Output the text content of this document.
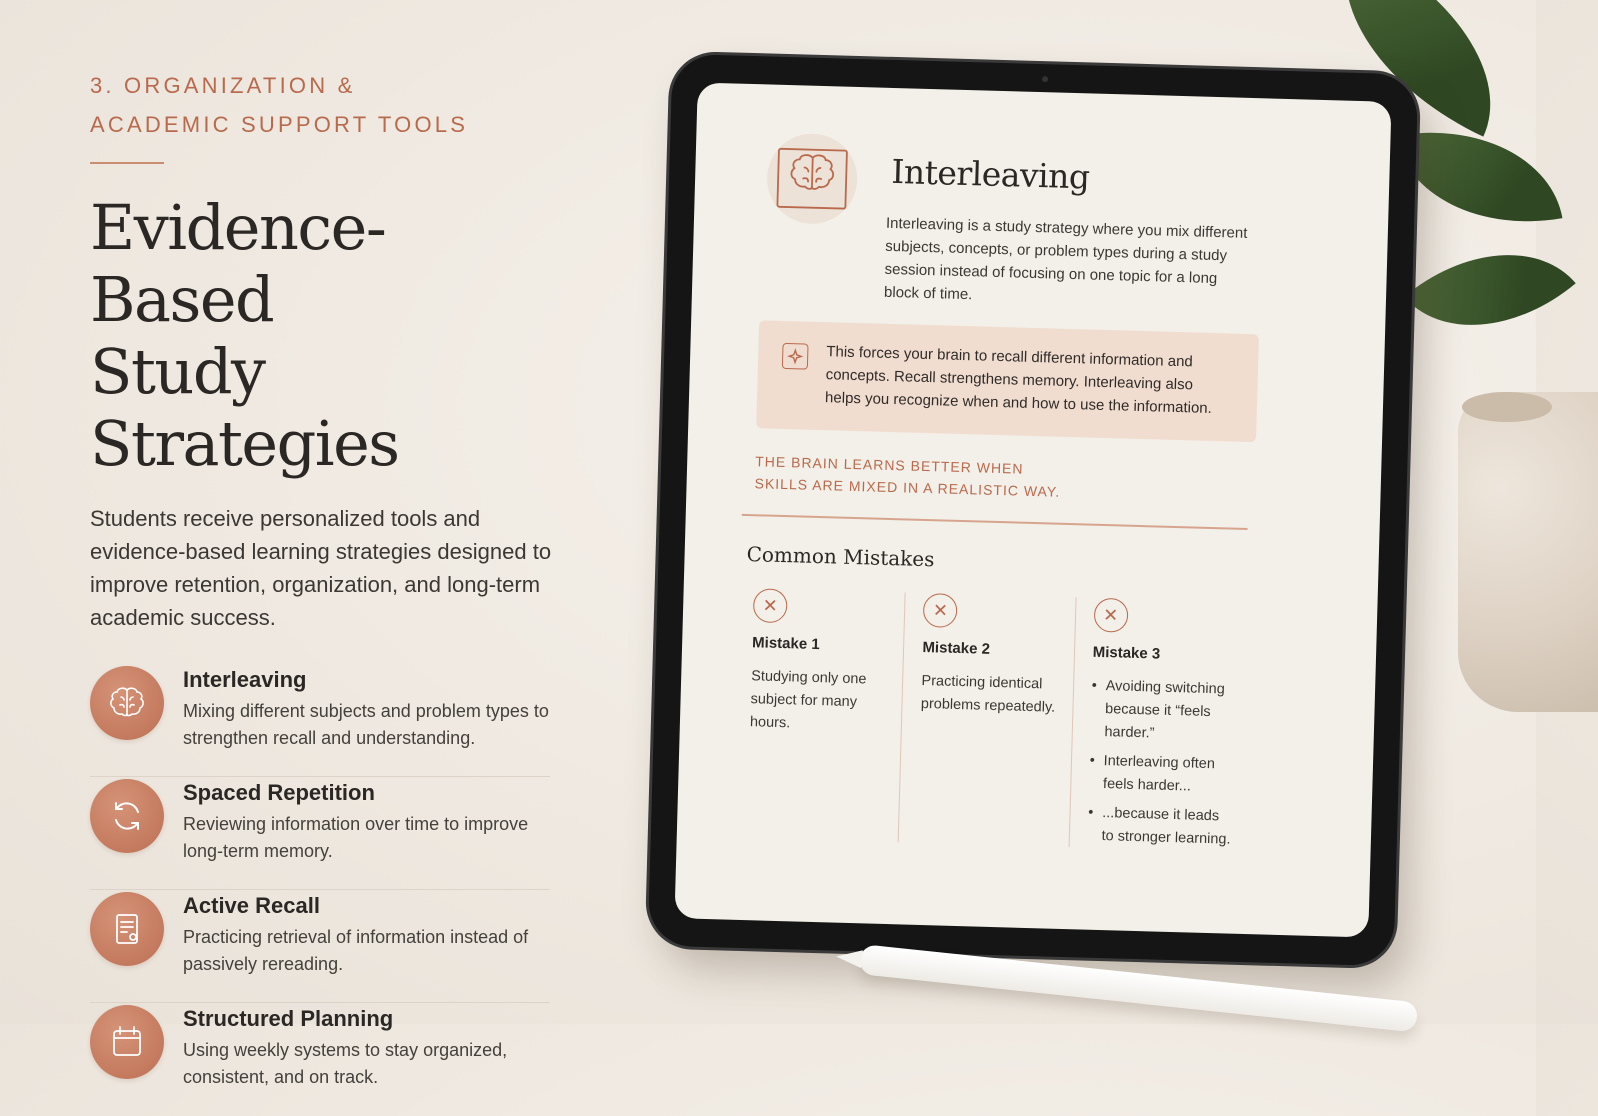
3. ORGANIZATION &
ACADEMIC SUPPORT TOOLS
Evidence-Based
Study Strategies

Students receive personalized tools and evidence-based learning strategies designed to improve retention, organization, and long-term academic success.

Interleaving
Mixing different subjects and problem types to strengthen recall and understanding.
Spaced Repetition
Reviewing information over time to improve long-term memory.
Active Recall
Practicing retrieval of information instead of passively rereading.
Structured Planning
Using weekly systems to stay organized, consistent, and on track.
Interleaving
Interleaving is a study strategy where you mix different subjects, concepts, or problem types during a study session instead of focusing on one topic for a long block of time.
This forces your brain to recall different information and concepts. Recall strengthens memory. Interleaving also helps you recognize when and how to use the information.
THE BRAIN LEARNS BETTER WHEN SKILLS ARE MIXED IN A REALISTIC WAY.
Common Mistakes
✕
Mistake 1
Studying only one subject for many hours.
✕
Mistake 2
Practicing identical problems repeatedly.
✕
Mistake 3
• Avoiding switching because it “feels harder.”
• Interleaving often feels harder...
• ...because it leads to stronger learning.
